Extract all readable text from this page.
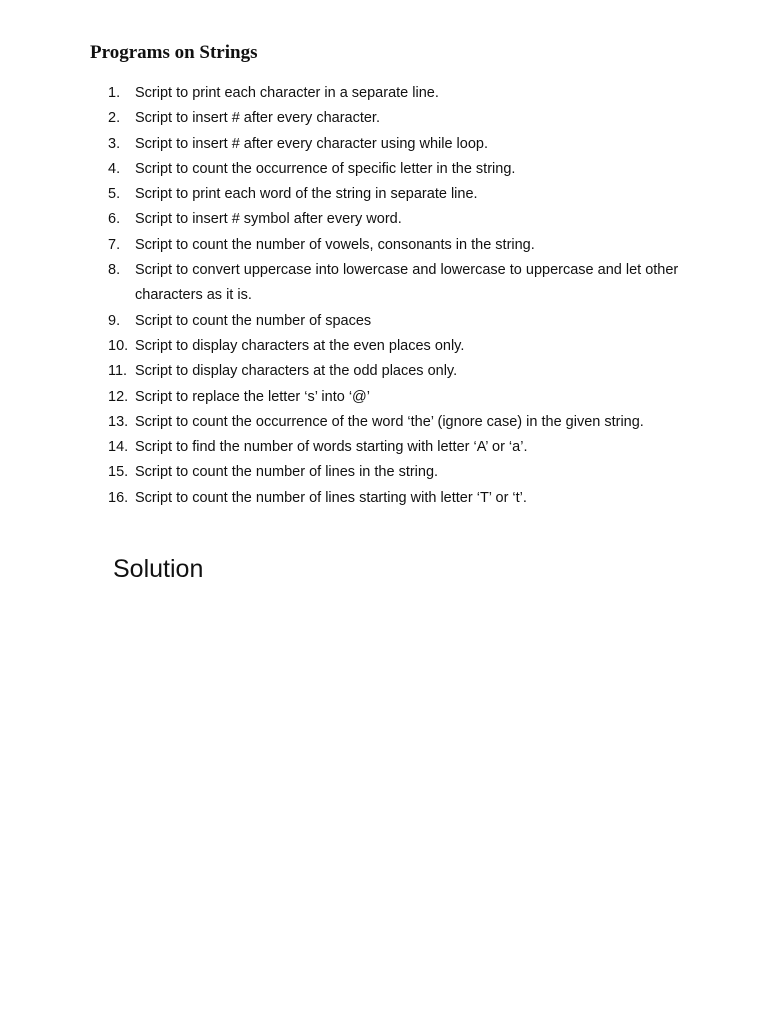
Programs on Strings
1. Script to print each character in a separate line.
2. Script to insert # after every character.
3. Script to insert # after every character using while loop.
4. Script to count the occurrence of specific letter in the string.
5. Script to print each word of the string in separate line.
6. Script to insert # symbol after every word.
7. Script to count the number of vowels, consonants in the string.
8. Script to convert uppercase into lowercase and lowercase to uppercase and let other characters as it is.
9. Script to count the number of spaces
10. Script to display characters at the even places only.
11. Script to display characters at the odd places only.
12. Script to replace the letter ‘s’ into ‘@’
13. Script to count the occurrence of the word ‘the’ (ignore case) in the given string.
14. Script to find the number of words starting with letter ‘A’ or ‘a’.
15. Script to count the number of lines in the string.
16. Script to count the number of lines starting with letter ‘T’ or ‘t’.
Solution
